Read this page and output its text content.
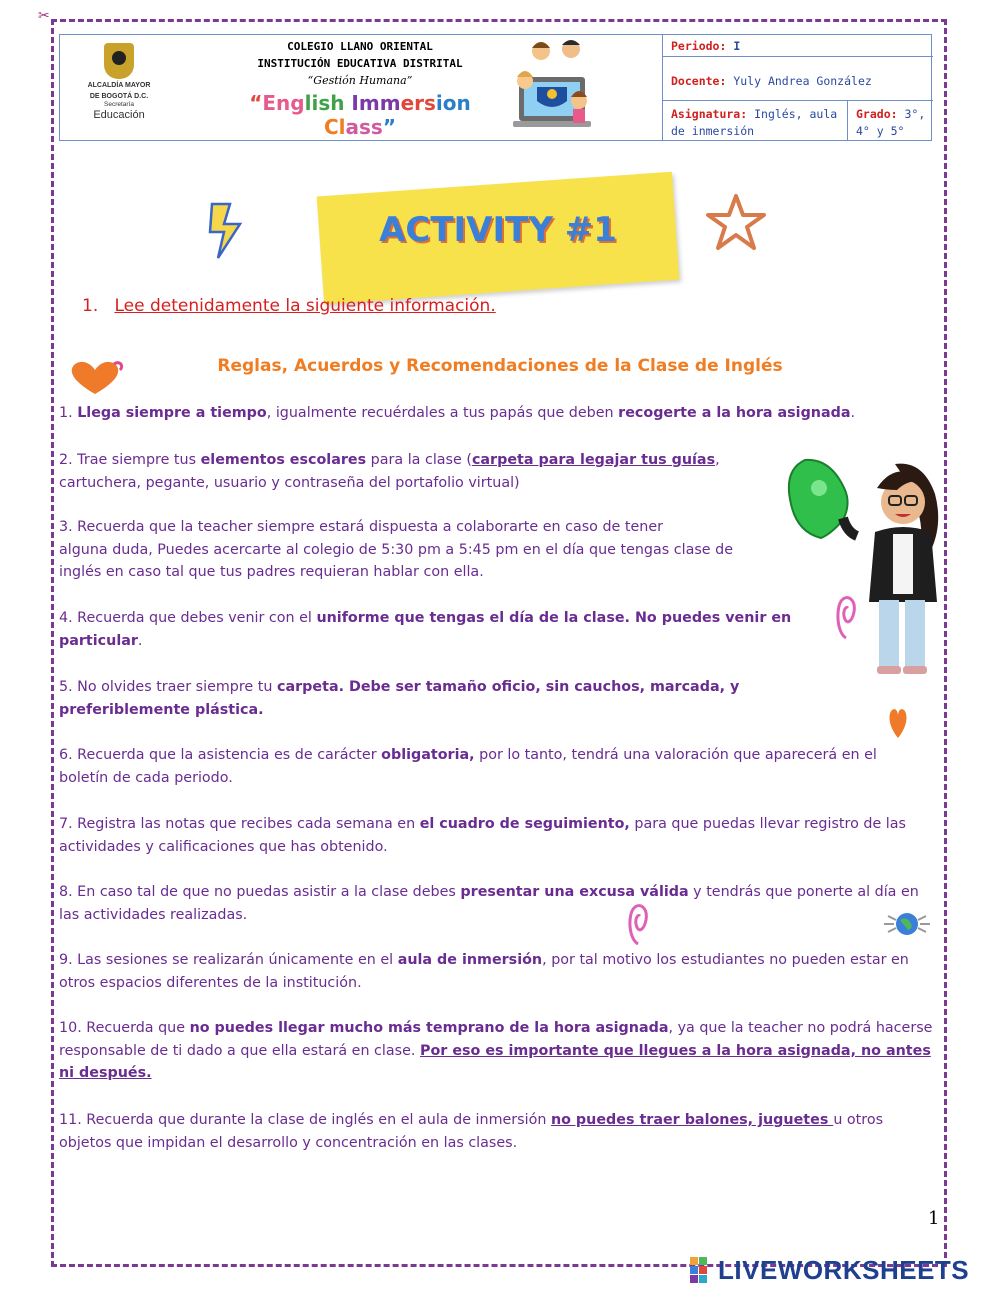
✂
ALCALDÍA MAYOR
DE BOGOTÁ D.C.
Secretaría
Educación
COLEGIO LLANO ORIENTAL
INSTITUCIÓN EDUCATIVA DISTRITAL
“Gestión Humana”
“English Immersion Class”
Periodo: I
Docente: Yuly Andrea González
Asignatura: Inglés, aula de inmersión
Grado: 3°, 4° y 5°
ACTIVITY #1
1. Lee detenidamente la siguiente información.
Reglas, Acuerdos y Recomendaciones de la Clase de Inglés
1. Llega siempre a tiempo, igualmente recuérdales a tus papás que deben recogerte a la hora asignada.
2. Trae siempre tus elementos escolares para la clase (carpeta para legajar tus guías,
cartuchera, pegante, usuario y contraseña del portafolio virtual)
3. Recuerda que la teacher siempre estará dispuesta a colaborarte en caso de tener
alguna duda, Puedes acercarte al colegio de 5:30 pm a 5:45 pm en el día que tengas clase de
inglés en caso tal que tus padres requieran hablar con ella.
4. Recuerda que debes venir con el uniforme que tengas el día de la clase. No puedes venir en
particular.
5. No olvides traer siempre tu carpeta. Debe ser tamaño oficio, sin cauchos, marcada, y
preferiblemente plástica.
6. Recuerda que la asistencia es de carácter obligatoria, por lo tanto, tendrá una valoración que aparecerá en el
boletín de cada periodo.
7. Registra las notas que recibes cada semana en el cuadro de seguimiento, para que puedas llevar registro de las
actividades y calificaciones que has obtenido.
8. En caso tal de que no puedas asistir a la clase debes presentar una excusa válida y tendrás que ponerte al día en
las actividades realizadas.
9. Las sesiones se realizarán únicamente en el aula de inmersión, por tal motivo los estudiantes no pueden estar en
otros espacios diferentes de la institución.
10. Recuerda que no puedes llegar mucho más temprano de la hora asignada, ya que la teacher no podrá hacerse
responsable de ti dado a que ella estará en clase. Por eso es importante que llegues a la hora asignada, no antes
ni después.
11. Recuerda que durante la clase de inglés en el aula de inmersión no puedes traer balones, juguetes u otros
objetos que impidan el desarrollo y concentración en las clases.
1
LIVEWORKSHEETS
